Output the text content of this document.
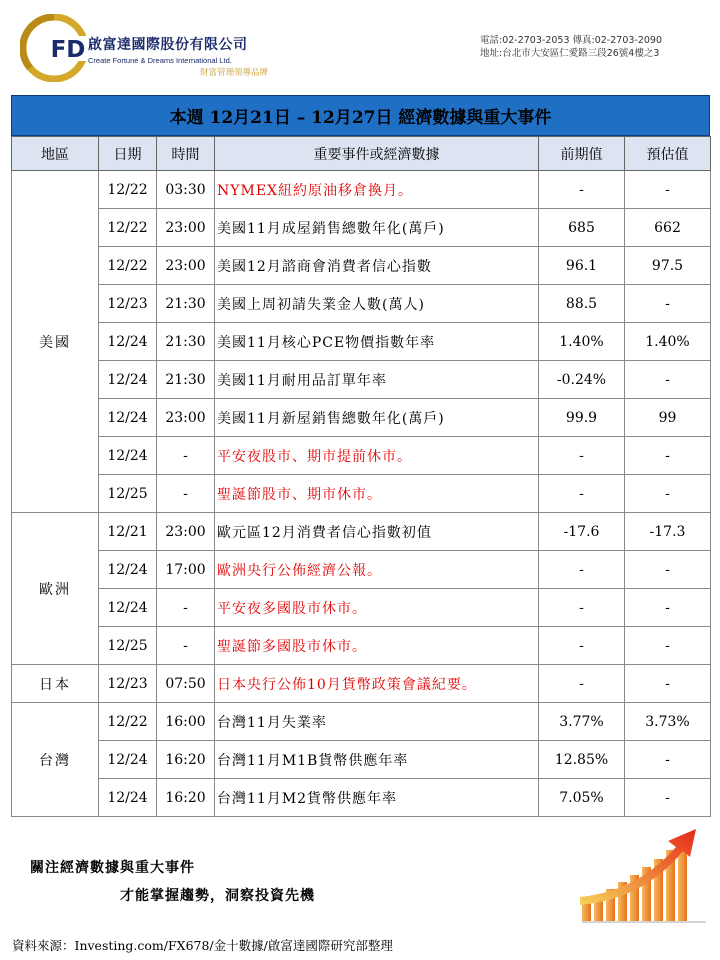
FD 啟富達國際股份有限公司
Create Fortune & Dreams International Ltd.
財富管理領導品牌
電話:02-2703-2053 傳真:02-2703-2090
地址:台北市大安區仁愛路三段26號4樓之3
本週 12月21日 – 12月27日 經濟數據與重大事件
地區	日期	時間	重要事件或經濟數據	前期值	預估值
美國	12/22	03:30	NYMEX紐約原油移倉換月。	-	-
	12/22	23:00	美國11月成屋銷售總數年化(萬戶)	685	662
	12/22	23:00	美國12月諮商會消費者信心指數	96.1	97.5
	12/23	21:30	美國上周初請失業金人數(萬人)	88.5	-
	12/24	21:30	美國11月核心PCE物價指數年率	1.40%	1.40%
	12/24	21:30	美國11月耐用品訂單年率	-0.24%	-
	12/24	23:00	美國11月新屋銷售總數年化(萬戶)	99.9	99
	12/24	-	平安夜股市、期市提前休市。	-	-
	12/25	-	聖誕節股市、期市休市。	-	-
歐洲	12/21	23:00	歐元區12月消費者信心指數初值	-17.6	-17.3
	12/24	17:00	歐洲央行公佈經濟公報。	-	-
	12/24	-	平安夜多國股市休市。	-	-
	12/25	-	聖誕節多國股市休市。	-	-
日本	12/23	07:50	日本央行公佈10月貨幣政策會議紀要。	-	-
台灣	12/22	16:00	台灣11月失業率	3.77%	3.73%
	12/24	16:20	台灣11月M1B貨幣供應年率	12.85%	-
	12/24	16:20	台灣11月M2貨幣供應年率	7.05%	-
關注經濟數據與重大事件
才能掌握趨勢，洞察投資先機
資料來源：Investing.com/FX678/金十數據/啟富達國際研究部整理
